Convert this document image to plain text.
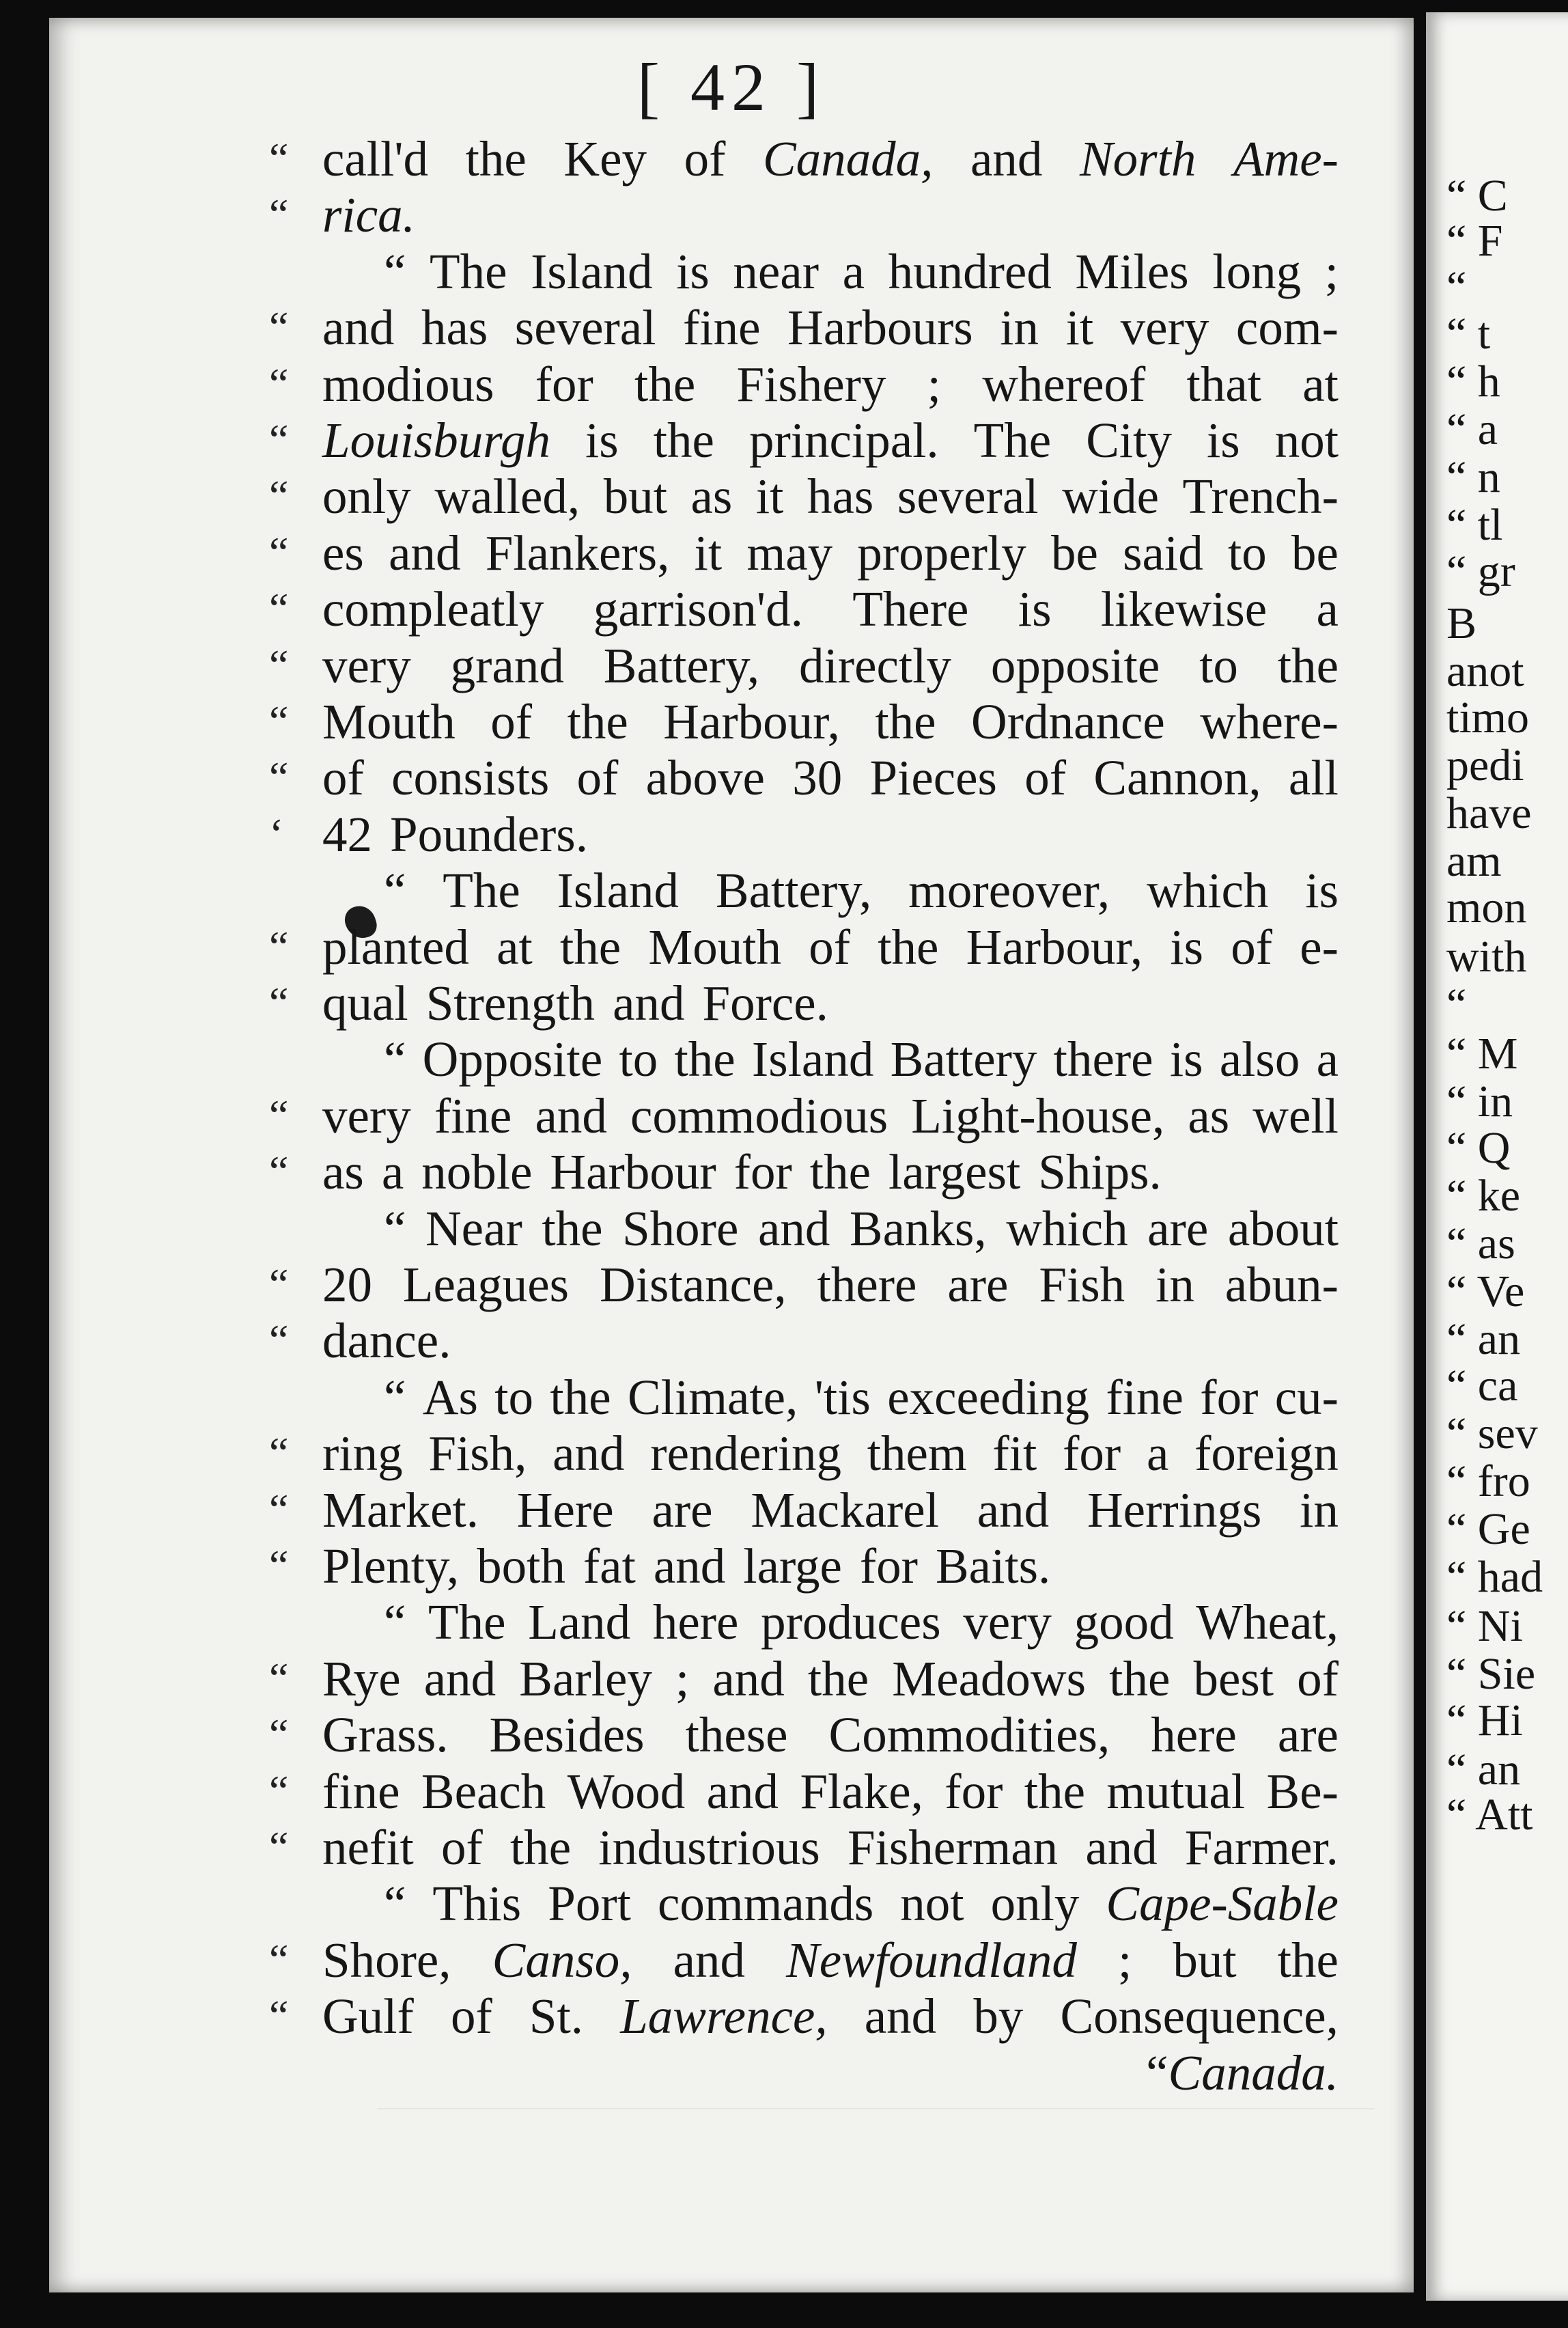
[ 42 ]
“ call'd the Key of Canada, and North Ame-
“ rica.
“ The Island is near a hundred Miles long ;
“ and has several fine Harbours in it very com-
“ modious for the Fishery ; whereof that at
“ Louisburgh is the principal. The City is not
“ only walled, but as it has several wide Trench-
“ es and Flankers, it may properly be said to be
“ compleatly garrison'd. There is likewise a
“ very grand Battery, directly opposite to the
“ Mouth of the Harbour, the Ordnance where-
“ of consists of above 30 Pieces of Cannon, all
‘ 42 Pounders.
“ The Island Battery, moreover, which is
“ planted at the Mouth of the Harbour, is of e-
“ qual Strength and Force.
“ Opposite to the Island Battery there is also a
“ very fine and commodious Light-house, as well
“ as a noble Harbour for the largest Ships.
“ Near the Shore and Banks, which are about
“ 20 Leagues Distance, there are Fish in abun-
“ dance.
“ As to the Climate, 'tis exceeding fine for cu-
“ ring Fish, and rendering them fit for a foreign
“ Market. Here are Mackarel and Herrings in
“ Plenty, both fat and large for Baits.
“ The Land here produces very good Wheat,
“ Rye and Barley ; and the Meadows the best of
“ Grass. Besides these Commodities, here are
“ fine Beach Wood and Flake, for the mutual Be-
“ nefit of the industrious Fisherman and Farmer.
“ This Port commands not only Cape-Sable
“ Shore, Canso, and Newfoundland ; but the
“ Gulf of St. Lawrence, and by Consequence,
“ Canada.
“ C
“ F
“
“ t
“ h
“ a
“ n
“ tl
“ gr
B
anot
timo
pedi
have
am
mon
with
“
“ M
“ in
“ Q
“ ke
“ as
“ Ve
“ an
“ ca
“ sev
“ fro
“ Ge
“ had
“ Ni
“ Sie
“ Hi
“ an
“ Att
